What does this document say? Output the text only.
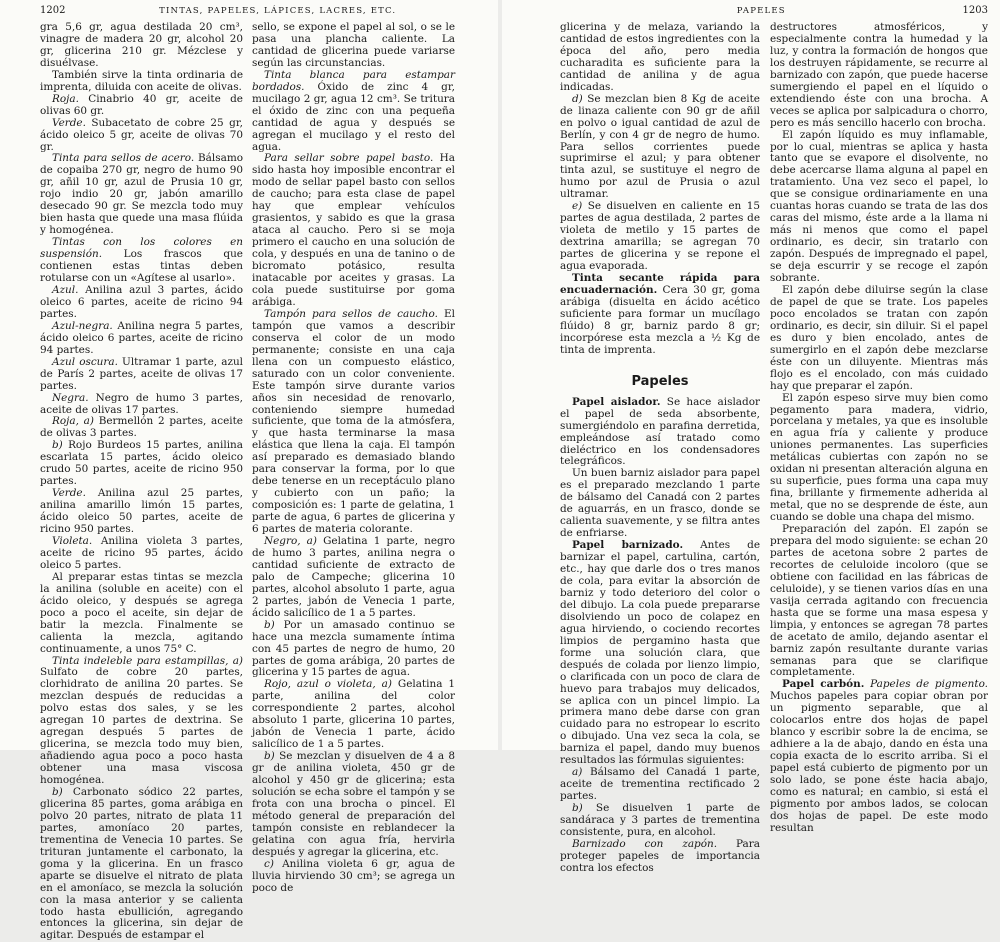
1202	TINTAS, PAPELES, LÁPICES, LACRES, ETC.

gra 5,6 gr, agua destilada 20 cm³, vinagre de madera 20 gr, alcohol 20 gr, glicerina 210 gr. Mézclese y disuélvase.

También sirve la tinta ordinaria de imprenta, diluida con aceite de olivas.

Roja. Cinabrio 40 gr, aceite de olivas 60 gr.

Verde. Subacetato de cobre 25 gr, ácido oleico 5 gr, aceite de olivas 70 gr.

Tinta para sellos de acero. Bálsamo de copaiba 270 gr, negro de humo 90 gr, añil 10 gr, azul de Prusia 10 gr, rojo indio 20 gr, jabón amarillo desecado 90 gr. Se mezcla todo muy bien hasta que quede una masa flúida y homogénea.

Tintas con los colores en suspensión. Los frascos que contienen estas tintas deben rotularse con un «Agítese al usarlo».

Azul. Anilina azul 3 partes, ácido oleico 6 partes, aceite de ricino 94 partes.

Azul-negra. Anilina negra 5 partes, ácido oleico 6 partes, aceite de ricino 94 partes.

Azul oscura. Ultramar 1 parte, azul de París 2 partes, aceite de olivas 17 partes.

Negra. Negro de humo 3 partes, aceite de olivas 17 partes.

Roja, a) Bermellón 2 partes, aceite de olivas 3 partes.

b) Rojo Burdeos 15 partes, anilina escarlata 15 partes, ácido oleico crudo 50 partes, aceite de ricino 950 partes.

Verde. Anilina azul 25 partes, anilina amarillo limón 15 partes, ácido oleico 50 partes, aceite de ricino 950 partes.

Violeta. Anilina violeta 3 partes, aceite de ricino 95 partes, ácido oleico 5 partes.

Al preparar estas tintas se mezcla la anilina (soluble en aceite) con el ácido oleico, y después se agrega poco a poco el aceite, sin dejar de batir la mezcla. Finalmente se calienta la mezcla, agitando continuamente, a unos 75° C.

Tinta indeleble para estampillas, a) Sulfato de cobre 20 partes, clorhidrato de anilina 20 partes. Se mezclan después de reducidas a polvo estas dos sales, y se les agregan 10 partes de dextrina. Se agregan después 5 partes de glicerina, se mezcla todo muy bien, añadiendo agua poco a poco hasta obtener una masa viscosa homogénea.

b) Carbonato sódico 22 partes, glicerina 85 partes, goma arábiga en polvo 20 partes, nitrato de plata 11 partes, amoníaco 20 partes, trementina de Venecia 10 partes. Se trituran juntamente el carbonato, la goma y la glicerina. En un frasco aparte se disuelve el nitrato de plata en el amoníaco, se mezcla la solución con la masa anterior y se calienta todo hasta ebullición, agregando entonces la glicerina, sin dejar de agitar. Después de estampar el

sello, se expone el papel al sol, o se le pasa una plancha caliente. La cantidad de glicerina puede variarse según las circunstancias.

Tinta blanca para estampar bordados. Óxido de zinc 4 gr, mucilago 2 gr, agua 12 cm³. Se tritura el óxido de zinc con una pequeña cantidad de agua y después se agregan el mucilago y el resto del agua.

Para sellar sobre papel basto. Ha sido hasta hoy imposible encontrar el modo de sellar papel basto con sellos de caucho; para esta clase de papel hay que emplear vehículos grasientos, y sabido es que la grasa ataca al caucho. Pero si se moja primero el caucho en una solución de cola, y después en una de tanino o de bicromato potásico, resulta inatacable por aceites y grasas. La cola puede sustituirse por goma arábiga.

Tampón para sellos de caucho. El tampón que vamos a describir conserva el color de un modo permanente; consiste en una caja llena con un compuesto elástico, saturado con un color conveniente. Este tampón sirve durante varios años sin necesidad de renovarlo, conteniendo siempre humedad suficiente, que toma de la atmósfera, y que hasta terminarse la masa elástica que llena la caja. El tampón así preparado es demasiado blando para conservar la forma, por lo que debe tenerse en un receptáculo plano y cubierto con un paño; la composición es: 1 parte de gelatina, 1 parte de agua, 6 partes de glicerina y 6 partes de materia colorante.

Negro, a) Gelatina 1 parte, negro de humo 3 partes, anilina negra o cantidad suficiente de extracto de palo de Campeche; glicerina 10 partes, alcohol absoluto 1 parte, agua 2 partes, jabón de Venecia 1 parte, ácido salicílico de 1 a 5 partes.

b) Por un amasado continuo se hace una mezcla sumamente íntima con 45 partes de negro de humo, 20 partes de goma arábiga, 20 partes de glicerina y 15 partes de agua.

Rojo, azul o violeta, a) Gelatina 1 parte, anilina del color correspondiente 2 partes, alcohol absoluto 1 parte, glicerina 10 partes, jabón de Venecia 1 parte, ácido salicílico de 1 a 5 partes.

b) Se mezclan y disuelven de 4 a 8 gr de anilina violeta, 450 gr de alcohol y 450 gr de glicerina; esta solución se echa sobre el tampón y se frota con una brocha o pincel. El método general de preparación del tampón consiste en reblandecer la gelatina con agua fría, hervirla después y agregar la glicerina, etc.

c) Anilina violeta 6 gr, agua de lluvia hirviendo 30 cm³; se agrega un poco de

PAPELES	1203

glicerina y de melaza, variando la cantidad de estos ingredientes con la época del año, pero media cucharadita es suficiente para la cantidad de anilina y de agua indicadas.

d) Se mezclan bien 8 Kg de aceite de linaza caliente con 90 gr de añil en polvo o igual cantidad de azul de Berlín, y con 4 gr de negro de humo. Para sellos corrientes puede suprimirse el azul; y para obtener tinta azul, se sustituye el negro de humo por azul de Prusia o azul ultramar.

e) Se disuelven en caliente en 15 partes de agua destilada, 2 partes de violeta de metilo y 15 partes de dextrina amarilla; se agregan 70 partes de glicerina y se repone el agua evaporada.

Tinta secante rápida para encuadernación. Cera 30 gr, goma arábiga (disuelta en ácido acético suficiente para formar un mucílago flúido) 8 gr, barniz pardo 8 gr; incorpórese esta mezcla a ½ Kg de tinta de imprenta.

Papeles

Papel aislador. Se hace aislador el papel de seda absorbente, sumergiéndolo en parafina derretida, empleándose así tratado como dieléctrico en los condensadores telegráficos.

Un buen barniz aislador para papel es el preparado mezclando 1 parte de bálsamo del Canadá con 2 partes de aguarrás, en un frasco, donde se calienta suavemente, y se filtra antes de enfriarse.

Papel barnizado. Antes de barnizar el papel, cartulina, cartón, etc., hay que darle dos o tres manos de cola, para evitar la absorción de barniz y todo deterioro del color o del dibujo. La cola puede prepararse disolviendo un poco de colapez en agua hirviendo, o cociendo recortes limpios de pergamino hasta que forme una solución clara, que después de colada por lienzo limpio, o clarificada con un poco de clara de huevo para trabajos muy delicados, se aplica con un pincel limpio. La primera mano debe darse con gran cuidado para no estropear lo escrito o dibujado. Una vez seca la cola, se barniza el papel, dando muy buenos resultados las fórmulas siguientes:

a) Bálsamo del Canadá 1 parte, aceite de trementina rectificado 2 partes.

b) Se disuelven 1 parte de sandáraca y 3 partes de trementina consistente, pura, en alcohol.

Barnizado con zapón. Para proteger papeles de importancia contra los efectos

destructores atmosféricos, y especialmente contra la humedad y la luz, y contra la formación de hongos que los destruyen rápidamente, se recurre al barnizado con zapón, que puede hacerse sumergiendo el papel en el líquido o extendiendo éste con una brocha. A veces se aplica por salpicadura o chorro, pero es más sencillo hacerlo con brocha.

El zapón líquido es muy inflamable, por lo cual, mientras se aplica y hasta tanto que se evapore el disolvente, no debe acercarse llama alguna al papel en tratamiento. Una vez seco el papel, lo que se consigue ordinariamente en una cuantas horas cuando se trata de las dos caras del mismo, éste arde a la llama ni más ni menos que como el papel ordinario, es decir, sin tratarlo con zapón. Después de impregnado el papel, se deja escurrir y se recoge el zapón sobrante.

El zapón debe diluirse según la clase de papel de que se trate. Los papeles poco encolados se tratan con zapón ordinario, es decir, sin diluir. Si el papel es duro y bien encolado, antes de sumergirlo en el zapón debe mezclarse éste con un diluyente. Mientras más flojo es el encolado, con más cuidado hay que preparar el zapón.

El zapón espeso sirve muy bien como pegamento para madera, vidrio, porcelana y metales, ya que es insoluble en agua fría y caliente y produce uniones permanentes. Las superficies metálicas cubiertas con zapón no se oxidan ni presentan alteración alguna en su superficie, pues forma una capa muy fina, brillante y firmemente adherida al metal, que no se desprende de éste, aun cuando se doble una chapa del mismo.

Preparación del zapón. El zapón se prepara del modo siguiente: se echan 20 partes de acetona sobre 2 partes de recortes de celuloide incoloro (que se obtiene con facilidad en las fábricas de celuloide), y se tienen varios días en una vasija cerrada agitando con frecuencia hasta que se forme una masa espesa y limpia, y entonces se agregan 78 partes de acetato de amilo, dejando asentar el barniz zapón resultante durante varias semanas para que se clarifique completamente.

Papel carbón. Papeles de pigmento. Muchos papeles para copiar obran por un pigmento separable, que al colocarlos entre dos hojas de papel blanco y escribir sobre la de encima, se adhiere a la de abajo, dando en ésta una copia exacta de lo escrito arriba. Si el papel está cubierto de pigmento por un solo lado, se pone éste hacia abajo, como es natural; en cambio, si está el pigmento por ambos lados, se colocan dos hojas de papel. De este modo resultan
